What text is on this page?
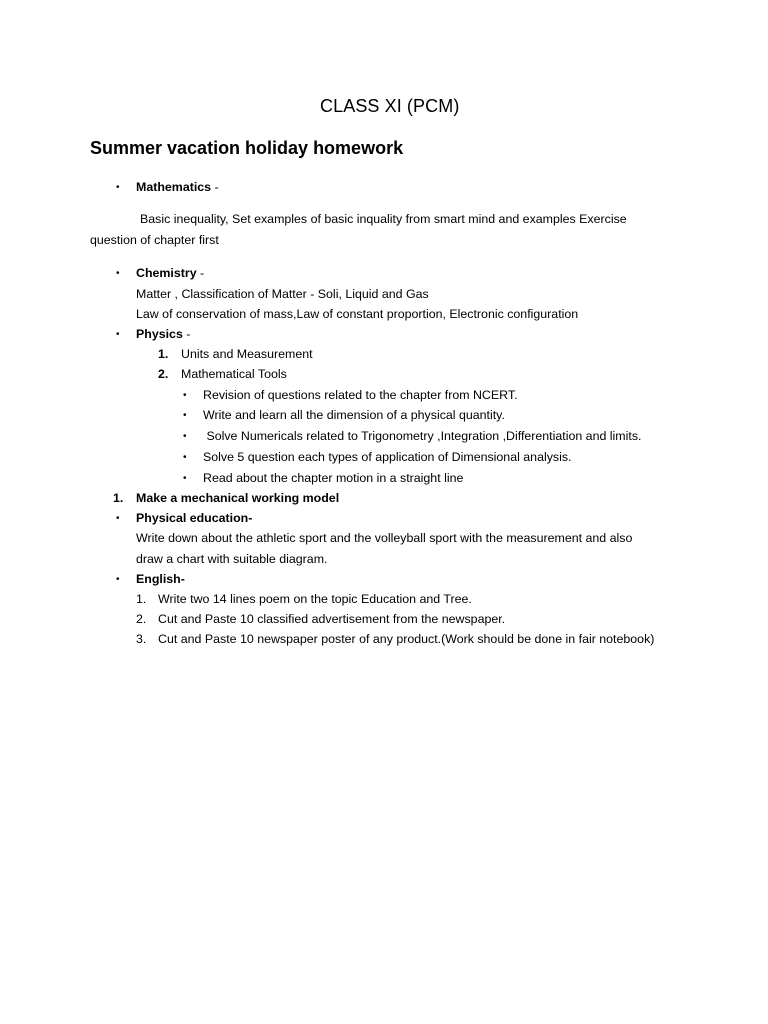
CLASS XI (PCM)
Summer vacation holiday homework
• Mathematics -
Basic inequality, Set examples of basic inquality from smart mind and examples Exercise
question of chapter first
• Chemistry -
Matter , Classification of Matter - Soli, Liquid and Gas
Law of conservation of mass,Law of constant proportion, Electronic configuration
• Physics -
1. Units and Measurement
2. Mathematical Tools
• Revision of questions related to the chapter from NCERT.
• Write and learn all the dimension of a physical quantity.
• Solve Numericals related to Trigonometry ,Integration ,Differentiation and limits.
• Solve 5 question each types of application of Dimensional analysis.
• Read about the chapter motion in a straight line
1. Make a mechanical working model
• Physical education-
Write down about the athletic sport and the volleyball sport with the measurement and also
draw a chart with suitable diagram.
• English-
1. Write two 14 lines poem on the topic Education and Tree.
2. Cut and Paste 10 classified advertisement from the newspaper.
3. Cut and Paste 10 newspaper poster of any product.(Work should be done in fair notebook)
